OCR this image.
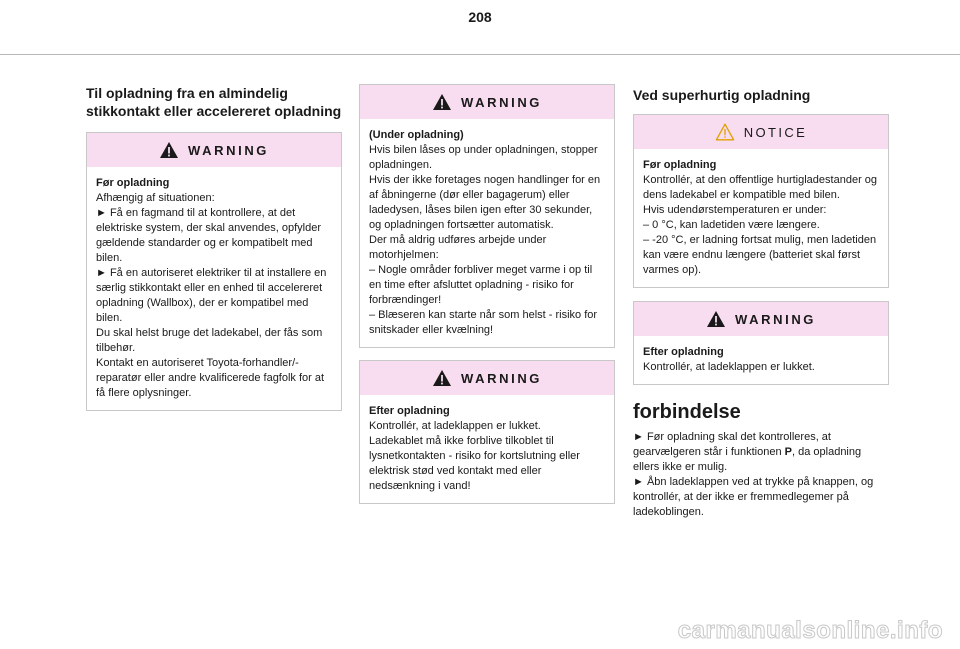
208
Til opladning fra en almindelig stikkontakt eller accelereret opladning
WARNING

Før opladning

Afhængig af situationen:

► Få en fagmand til at kontrollere, at det elektriske system, der skal anvendes, opfylder gældende standarder og er kompatibelt med bilen.

► Få en autoriseret elektriker til at installere en særlig stikkontakt eller en enhed til accelereret opladning (Wallbox), der er kompatibel med bilen.

Du skal helst bruge det ladekabel, der fås som tilbehør.

Kontakt en autoriseret Toyota-forhandler/-reparatør eller andre kvalificerede fagfolk for at få flere oplysninger.

WARNING

(Under opladning)

Hvis bilen låses op under opladningen, stopper opladningen.

Hvis der ikke foretages nogen handlinger for en af åbningerne (dør eller bagagerum) eller ladedysen, låses bilen igen efter 30 sekunder, og opladningen fortsætter automatisk.

Der må aldrig udføres arbejde under motorhjelmen:

– Nogle områder forbliver meget varme i op til en time efter afsluttet opladning - risiko for forbrændinger!

– Blæseren kan starte når som helst - risiko for snitskader eller kvælning!

WARNING

Efter opladning

Kontrollér, at ladeklappen er lukket.

Ladekablet må ikke forblive tilkoblet til lysnetkontakten - risiko for kortslutning eller elektrisk stød ved kontakt med eller nedsænkning i vand!

Ved superhurtig opladning
NOTICE

Før opladning

Kontrollér, at den offentlige hurtigladestander og dens ladekabel er kompatible med bilen.

Hvis udendørstemperaturen er under:

– 0 °C, kan ladetiden være længere.

– -20 °C, er ladning fortsat mulig, men ladetiden kan være endnu længere (batteriet skal først varmes op).

WARNING

Efter opladning

Kontrollér, at ladeklappen er lukket.

forbindelse

► Før opladning skal det kontrolleres, at gearvælgeren står i funktionen P, da opladning ellers ikke er mulig.

► Åbn ladeklappen ved at trykke på knappen, og kontrollér, at der ikke er fremmedlegemer på ladekoblingen.

carmanualsonline.info
